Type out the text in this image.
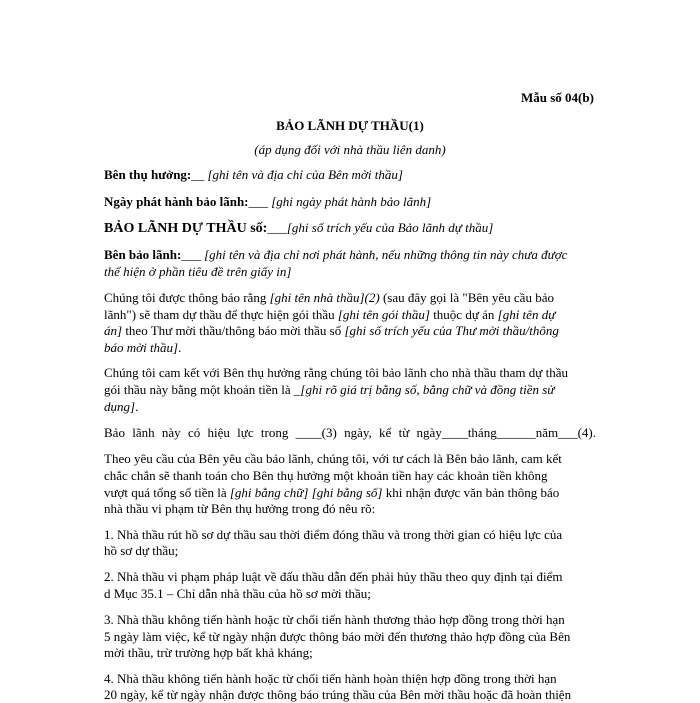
Mẫu số 04(b)
BẢO LÃNH DỰ THẦU(1)
(áp dụng đối với nhà thầu liên danh)
Bên thụ hưởng:__ [ghi tên và địa chỉ của Bên mời thầu]
Ngày phát hành bảo lãnh:___ [ghi ngày phát hành bảo lãnh]
BẢO LÃNH DỰ THẦU số:___[ghi số trích yếu của Bảo lãnh dự thầu]
Bên bảo lãnh:___ [ghi tên và địa chỉ nơi phát hành, nếu những thông tin này chưa được
thể hiện ở phần tiêu đề trên giấy in]
Chúng tôi được thông báo rằng [ghi tên nhà thầu](2) (sau đây gọi là "Bên yêu cầu bảo
lãnh") sẽ tham dự thầu để thực hiện gói thầu [ghi tên gói thầu] thuộc dự án [ghi tên dự
án] theo Thư mời thầu/thông báo mời thầu số [ghi số trích yếu của Thư mời thầu/thông
báo mời thầu].
Chúng tôi cam kết với Bên thụ hưởng rằng chúng tôi bảo lãnh cho nhà thầu tham dự thầu
gói thầu này bằng một khoản tiền là _[ghi rõ giá trị bằng số, bằng chữ và đồng tiền sử
dụng].
Bảo lãnh này có hiệu lực trong ____(3) ngày, kể từ ngày____tháng______năm___(4).
Theo yêu cầu của Bên yêu cầu bảo lãnh, chúng tôi, với tư cách là Bên bảo lãnh, cam kết
chắc chắn sẽ thanh toán cho Bên thụ hưởng một khoản tiền hay các khoản tiền không
vượt quá tổng số tiền là [ghi bằng chữ] [ghi bằng số] khi nhận được văn bản thông báo
nhà thầu vi phạm từ Bên thụ hưởng trong đó nêu rõ:
1. Nhà thầu rút hồ sơ dự thầu sau thời điểm đóng thầu và trong thời gian có hiệu lực của
hồ sơ dự thầu;
2. Nhà thầu vi phạm pháp luật về đấu thầu dẫn đến phải hủy thầu theo quy định tại điểm
d Mục 35.1 – Chỉ dẫn nhà thầu của hồ sơ mời thầu;
3. Nhà thầu không tiến hành hoặc từ chối tiến hành thương thảo hợp đồng trong thời hạn
5 ngày làm việc, kể từ ngày nhận được thông báo mời đến thương thảo hợp đồng của Bên
mời thầu, trừ trường hợp bất khả kháng;
4. Nhà thầu không tiến hành hoặc từ chối tiến hành hoàn thiện hợp đồng trong thời hạn
20 ngày, kể từ ngày nhận được thông báo trúng thầu của Bên mời thầu hoặc đã hoàn thiện
